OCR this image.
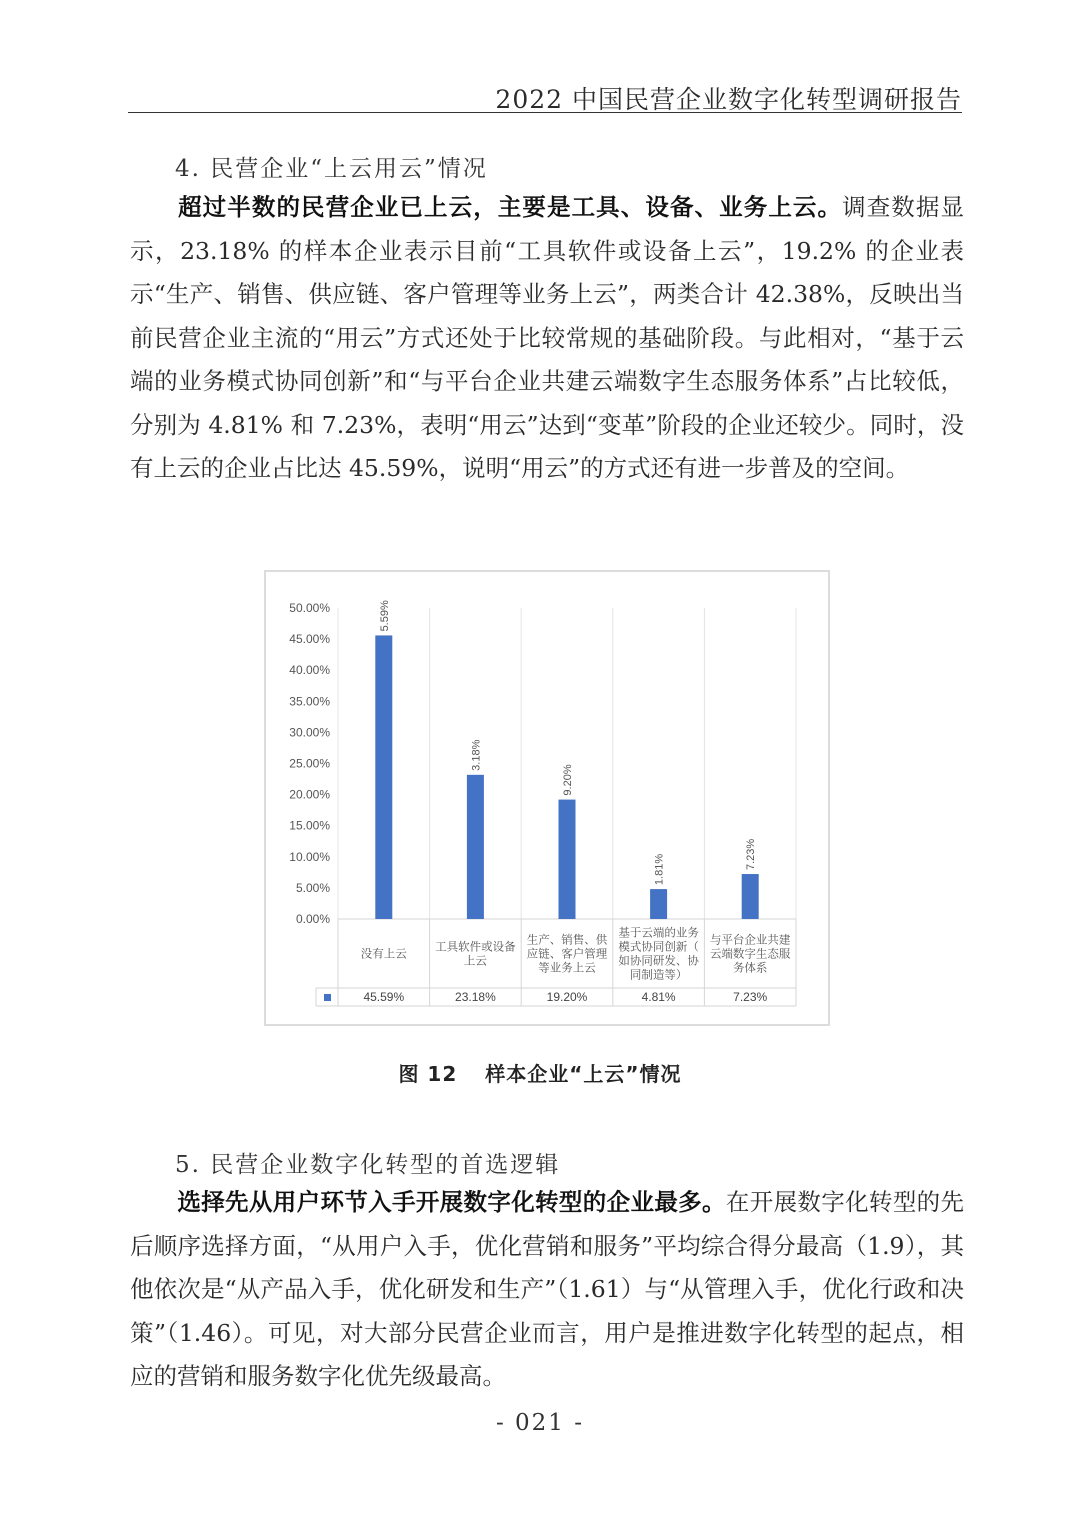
2022 中国民营企业数字化转型调研报告
4. 民营企业“上云用云”情况

超过半数的民营企业已上云，主要是工具、设备、业务上云。调查数据显示，23.18% 的样本企业表示目前“工具软件或设备上云”，19.2% 的企业表示“生产、销售、供应链、客户管理等业务上云”，两类合计 42.38%，反映出当前民营企业主流的“用云”方式还处于比较常规的基础阶段。与此相对，“基于云端的业务模式协同创新”和“与平台企业共建云端数字生态服务体系”占比较低，分别为 4.81% 和 7.23%，表明“用云”达到“变革”阶段的企业还较少。同时，没有上云的企业占比达 45.59%，说明“用云”的方式还有进一步普及的空间。

0.00%
5.00%
10.00%
15.00%
20.00%
25.00%
30.00%
35.00%
40.00%
45.00%
50.00%	5.59%
3.18%
9.20%
1.81%	7.23%
没有上云
45.59%
工具软件或设备
上云
23.18%
生产、销售、供
应链、客户管理
等业务上云
19.20%
基于云端的业务
模式协同创新（
如协同研发、协
同制造等）
4.81%
与平台企业共建
云端数字生态服
务体系
7.23%
图 12 样本企业“上云”情况
5. 民营企业数字化转型的首选逻辑

选择先从用户环节入手开展数字化转型的企业最多。在开展数字化转型的先后顺序选择方面，“从用户入手，优化营销和服务”平均综合得分最高（1.9），其他依次是“从产品入手，优化研发和生产”（1.61）与“从管理入手，优化行政和决策”（1.46）。可见，对大部分民营企业而言，用户是推进数字化转型的起点，相应的营销和服务数字化优先级最高。

- 021 -
